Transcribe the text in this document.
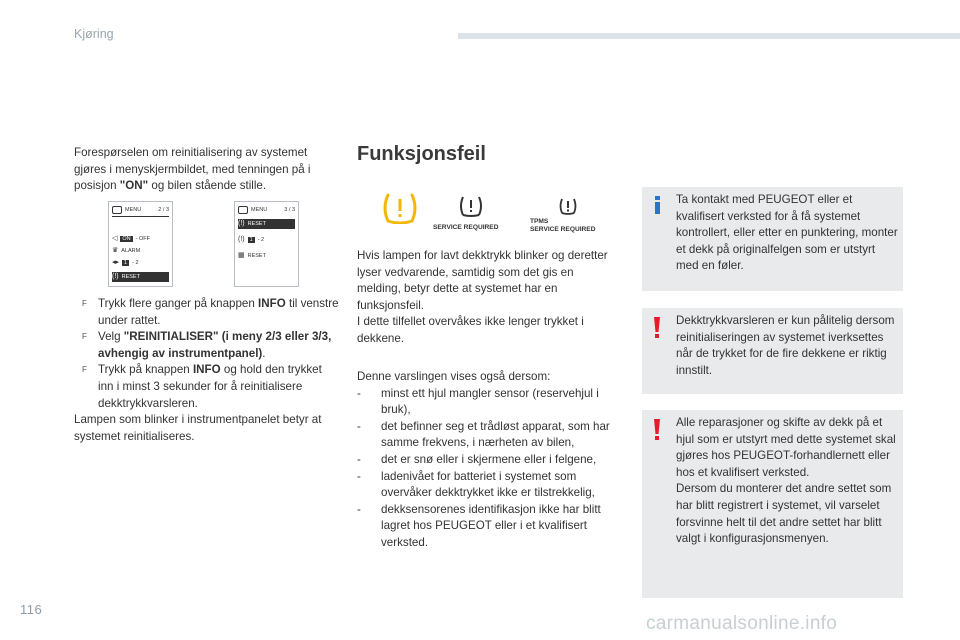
Kjøring

Forespørselen om reinitialisering av systemet gjøres i menyskjermbildet, med tenningen på i posisjon "ON" og bilen stående stille.

MENU	2 / 3
◁ ON - OFF
♛ ALARM
◂▸ 1 - 2
(!) RESET
MENU	3 / 3
(!) RESET
(!) 1 - 2
▦ RESET
F Trykk flere ganger på knappen INFO til venstre under rattet.
F Velg "REINITIALISER" (i meny 2/3 eller 3/3, avhengig av instrumentpanel).
F Trykk på knappen INFO og hold den trykket inn i minst 3 sekunder for å reinitialisere dekktrykkvarsleren.

Lampen som blinker i instrumentpanelet betyr at systemet reinitialiseres.

Funksjonsfeil
SERVICE REQUIRED
TPMS
SERVICE REQUIRED

Hvis lampen for lavt dekktrykk blinker og deretter lyser vedvarende, samtidig som det gis en melding, betyr dette at systemet har en funksjonsfeil.

I dette tilfellet overvåkes ikke lenger trykket i dekkene.

Denne varslingen vises også dersom:

- minst ett hjul mangler sensor (reservehjul i bruk),
- det befinner seg et trådløst apparat, som har samme frekvens, i nærheten av bilen,
- det er snø eller i skjermene eller i felgene,
- ladenivået for batteriet i systemet som overvåker dekktrykket ikke er tilstrekkelig,
- dekksensorenes identifikasjon ikke har blitt lagret hos PEUGEOT eller i et kvalifisert verksted.

Ta kontakt med PEUGEOT eller et kvalifisert verksted for å få systemet kontrollert, eller etter en punktering, monter et dekk på originalfelgen som er utstyrt med en føler.

Dekktrykkvarsleren er kun pålitelig dersom reinitialiseringen av systemet iverksettes når de trykket for de fire dekkene er riktig innstilt.

Alle reparasjoner og skifte av dekk på et hjul som er utstyrt med dette systemet skal gjøres hos PEUGEOT-forhandlernett eller hos et kvalifisert verksted.

Dersom du monterer det andre settet som har blitt registrert i systemet, vil varselet forsvinne helt til det andre settet har blitt valgt i konfigurasjonsmenyen.

116
carmanualsonline.info
